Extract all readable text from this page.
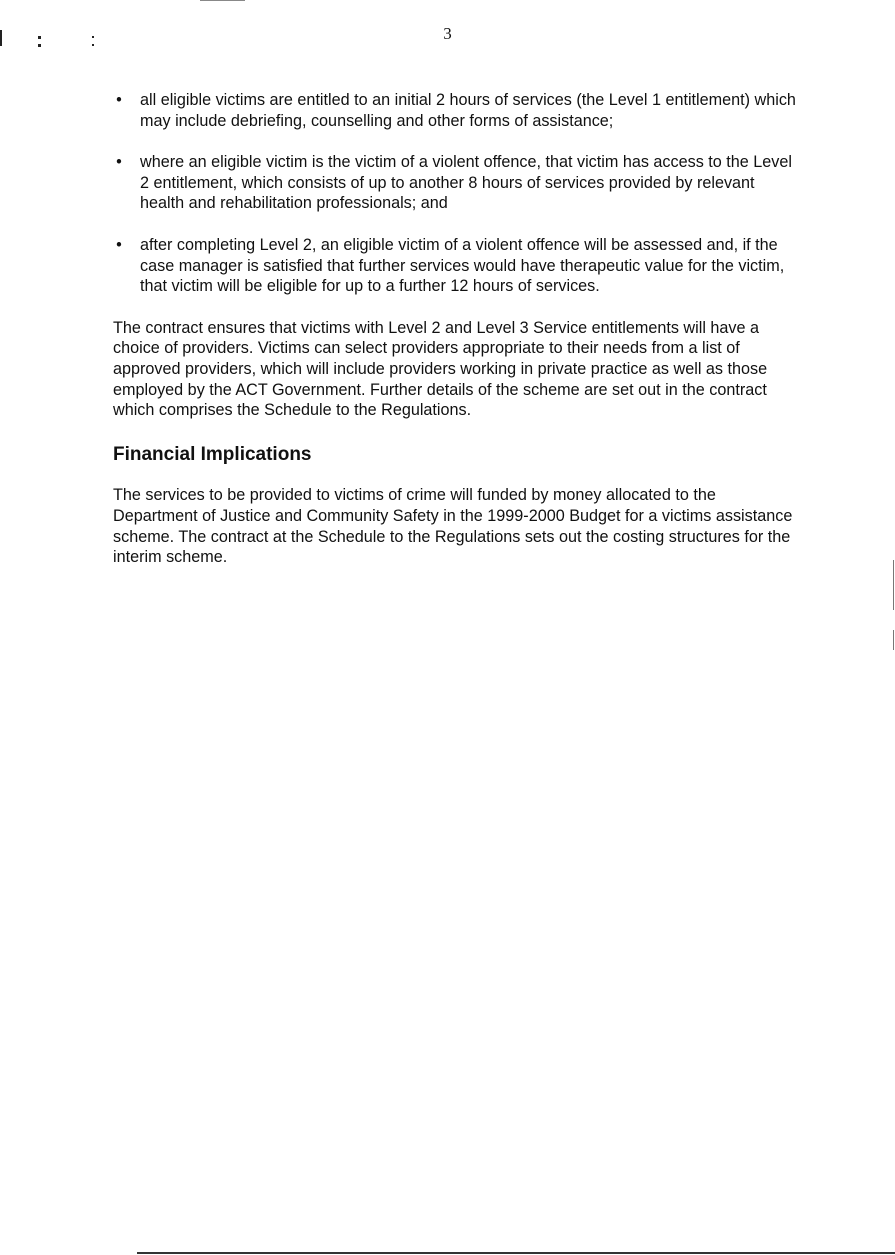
3
• all eligible victims are entitled to an initial 2 hours of services (the Level 1 entitlement) which may include debriefing, counselling and other forms of assistance;
• where an eligible victim is the victim of a violent offence, that victim has access to the Level 2 entitlement, which consists of up to another 8 hours of services provided by relevant health and rehabilitation professionals; and
• after completing Level 2, an eligible victim of a violent offence will be assessed and, if the case manager is satisfied that further services would have therapeutic value for the victim, that victim will be eligible for up to a further 12 hours of services.

The contract ensures that victims with Level 2 and Level 3 Service entitlements will have a choice of providers. Victims can select providers appropriate to their needs from a list of approved providers, which will include providers working in private practice as well as those employed by the ACT Government. Further details of the scheme are set out in the contract which comprises the Schedule to the Regulations.

Financial Implications

The services to be provided to victims of crime will funded by money allocated to the Department of Justice and Community Safety in the 1999-2000 Budget for a victims assistance scheme. The contract at the Schedule to the Regulations sets out the costing structures for the interim scheme.
